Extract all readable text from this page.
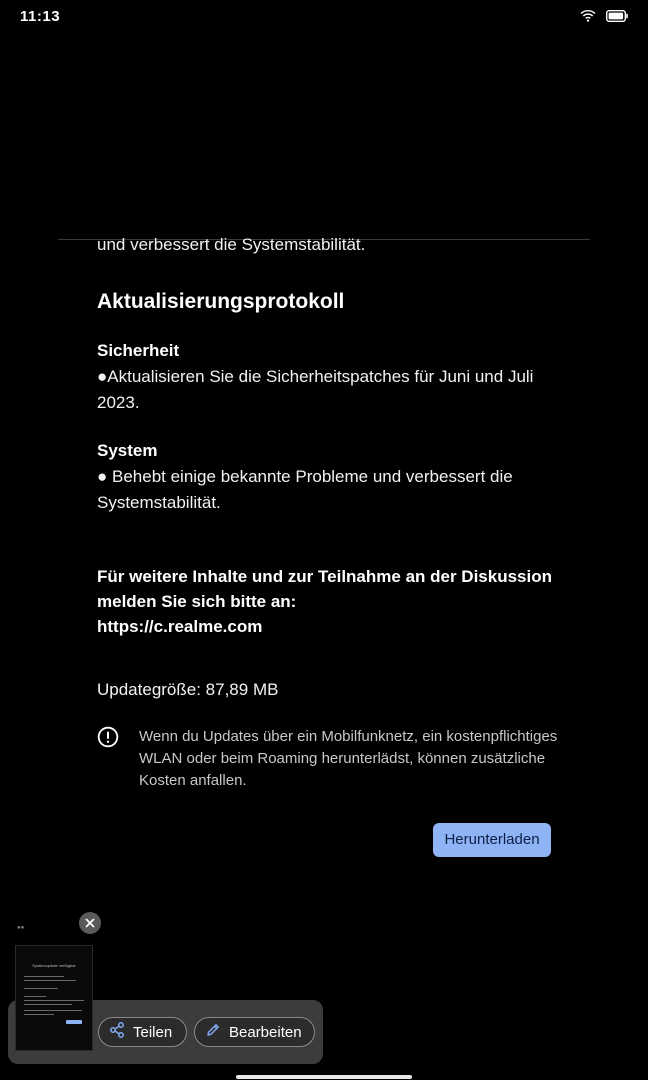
11:13

und verbessert die Systemstabilität.

Aktualisierungsprotokoll
Sicherheit
●Aktualisieren Sie die Sicherheitspatches für Juni und Juli 2023.
System
● Behebt einige bekannte Probleme und verbessert die Systemstabilität.
Für weitere Inhalte und zur Teilnahme an der Diskussion
melden Sie sich bitte an:
https://c.realme.com
Updategröße: 87,89 MB
Wenn du Updates über ein Mobilfunknetz, ein kostenpflichtiges WLAN oder beim Roaming herunterlädst, können zusätzliche Kosten anfallen.
Herunterladen
Systemupdate verfügbar
●●
Teilen	Bearbeiten
